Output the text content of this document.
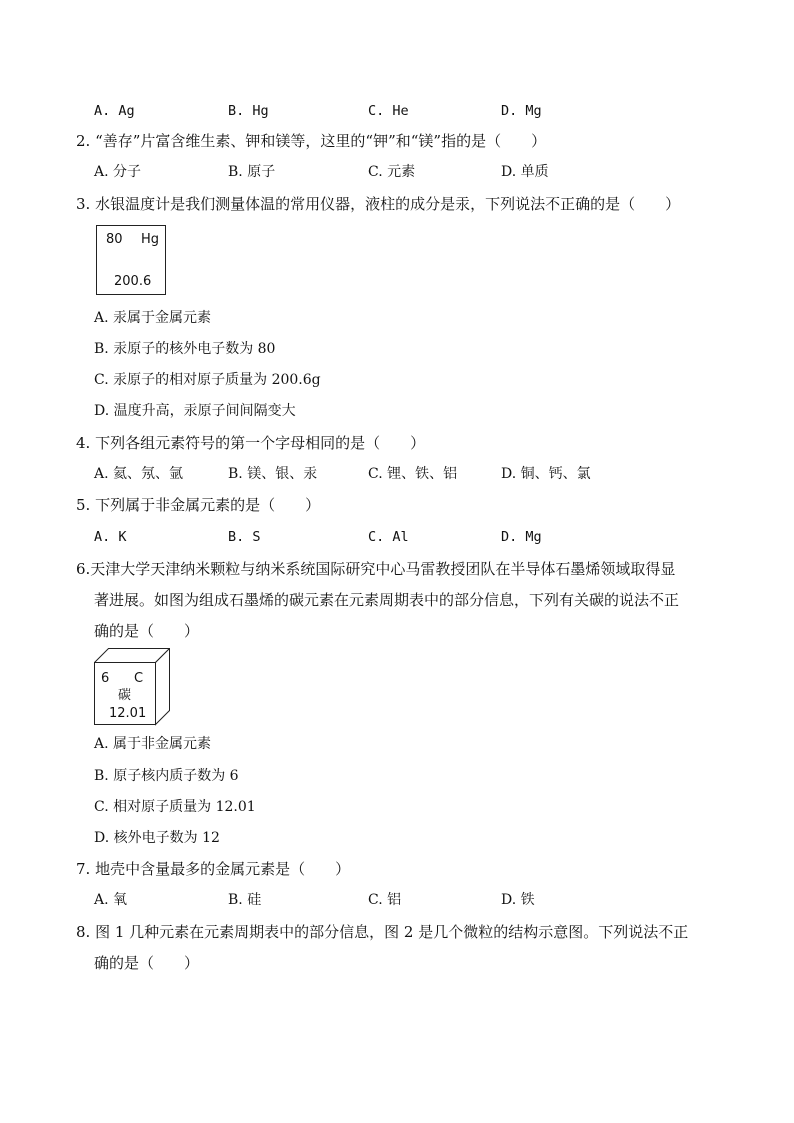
A. Ag	B. Hg	C. He	D. Mg
2. “善存”片富含维生素、钾和镁等，这里的“钾”和“镁”指的是（　　）
A. 分子	B. 原子	C. 元素	D. 单质
3. 水银温度计是我们测量体温的常用仪器，液柱的成分是汞，下列说法不正确的是（　　）
80 Hg
200.6
A. 汞属于金属元素
B. 汞原子的核外电子数为 80
C. 汞原子的相对原子质量为 200.6g
D. 温度升高，汞原子间间隔变大
4. 下列各组元素符号的第一个字母相同的是（　　）
A. 氦、氖、氩	B. 镁、银、汞	C. 锂、铁、铝	D. 铜、钙、氯
5. 下列属于非金属元素的是（　　）
A. K	B. S	C. Al	D. Mg
6.天津大学天津纳米颗粒与纳米系统国际研究中心马雷教授团队在半导体石墨烯领域取得显
著进展。如图为组成石墨烯的碳元素在元素周期表中的部分信息，下列有关碳的说法不正
确的是（　　）
6 C
碳
12.01
A. 属于非金属元素
B. 原子核内质子数为 6
C. 相对原子质量为 12.01
D. 核外电子数为 12
7. 地壳中含量最多的金属元素是（　　）
A. 氧	B. 硅	C. 铝	D. 铁
8. 图 1 几种元素在元素周期表中的部分信息，图 2 是几个微粒的结构示意图。下列说法不正
确的是（　　）
